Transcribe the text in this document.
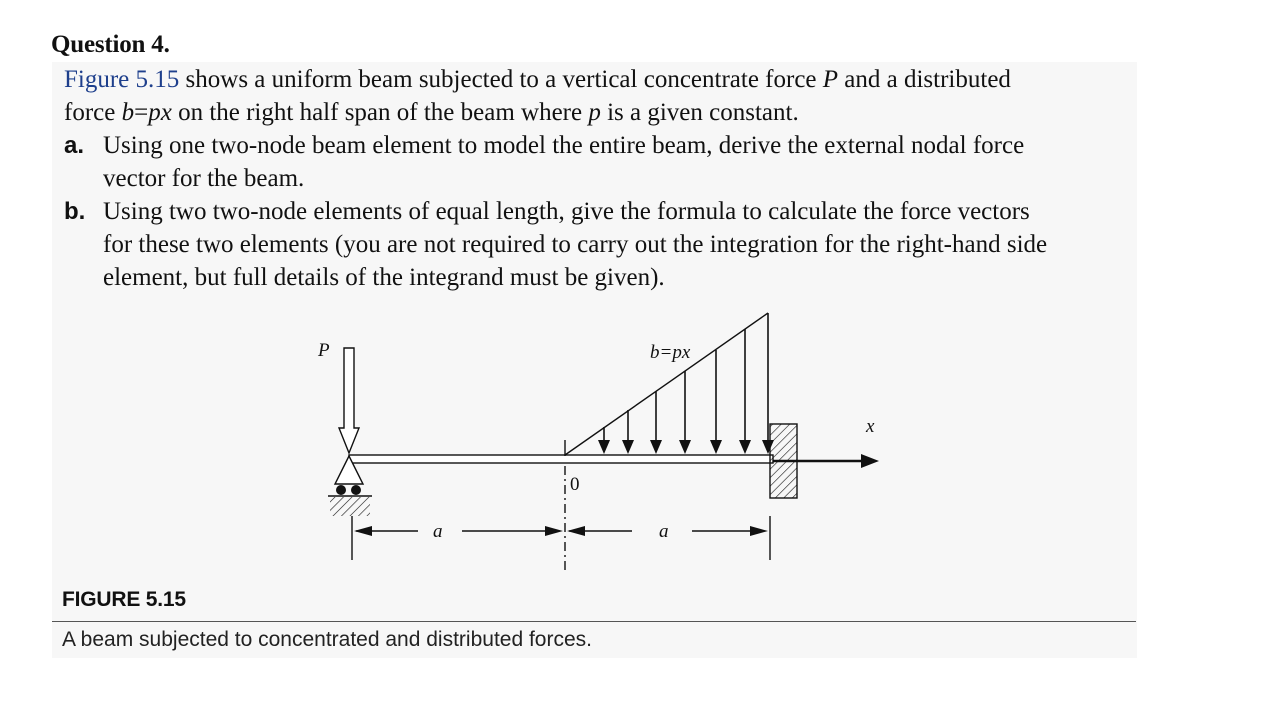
Question 4.
Figure 5.15 shows a uniform beam subjected to a vertical concentrate force P and a distributed
force b=px on the right half span of the beam where p is a given constant.
a. Using one two-node beam element to model the entire beam, derive the external nodal force
vector for the beam.
b. Using two two-node elements of equal length, give the formula to calculate the force vectors
for these two elements (you are not required to carry out the integration for the right-hand side
element, but full details of the integrand must be given).
P	b=px
x
0
a	a
FIGURE 5.15
A beam subjected to concentrated and distributed forces.
